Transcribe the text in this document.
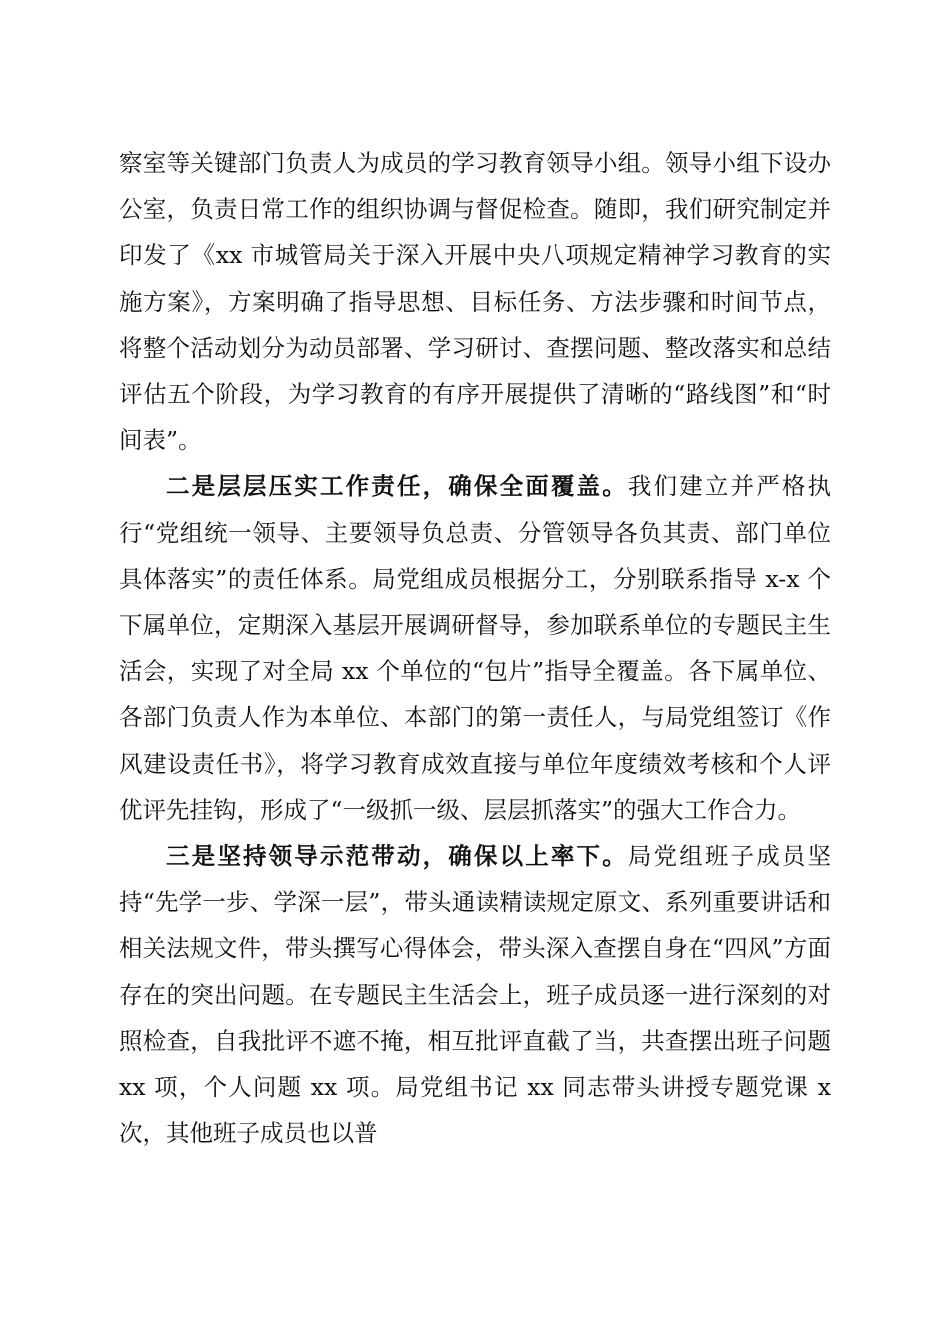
察室等关键部门负责人为成员的学习教育领导小组。领导小组下设办公室，负责日常工作的组织协调与督促检查。随即，我们研究制定并印发了《xx 市城管局关于深入开展中央八项规定精神学习教育的实施方案》，方案明确了指导思想、目标任务、方法步骤和时间节点，将整个活动划分为动员部署、学习研讨、查摆问题、整改落实和总结评估五个阶段，为学习教育的有序开展提供了清晰的“路线图”和“时间表”。

二是层层压实工作责任，确保全面覆盖。我们建立并严格执行“党组统一领导、主要领导负总责、分管领导各负其责、部门单位具体落实”的责任体系。局党组成员根据分工，分别联系指导 x-x 个下属单位，定期深入基层开展调研督导，参加联系单位的专题民主生活会，实现了对全局 xx 个单位的“包片”指导全覆盖。各下属单位、各部门负责人作为本单位、本部门的第一责任人，与局党组签订《作风建设责任书》，将学习教育成效直接与单位年度绩效考核和个人评优评先挂钩，形成了“一级抓一级、层层抓落实”的强大工作合力。

三是坚持领导示范带动，确保以上率下。局党组班子成员坚持“先学一步、学深一层”，带头通读精读规定原文、系列重要讲话和相关法规文件，带头撰写心得体会，带头深入查摆自身在“四风”方面存在的突出问题。在专题民主生活会上，班子成员逐一进行深刻的对照检查，自我批评不遮不掩，相互批评直截了当，共查摆出班子问题 xx 项，个人问题 xx 项。局党组书记 xx 同志带头讲授专题党课 x 次，其他班子成员也以普
